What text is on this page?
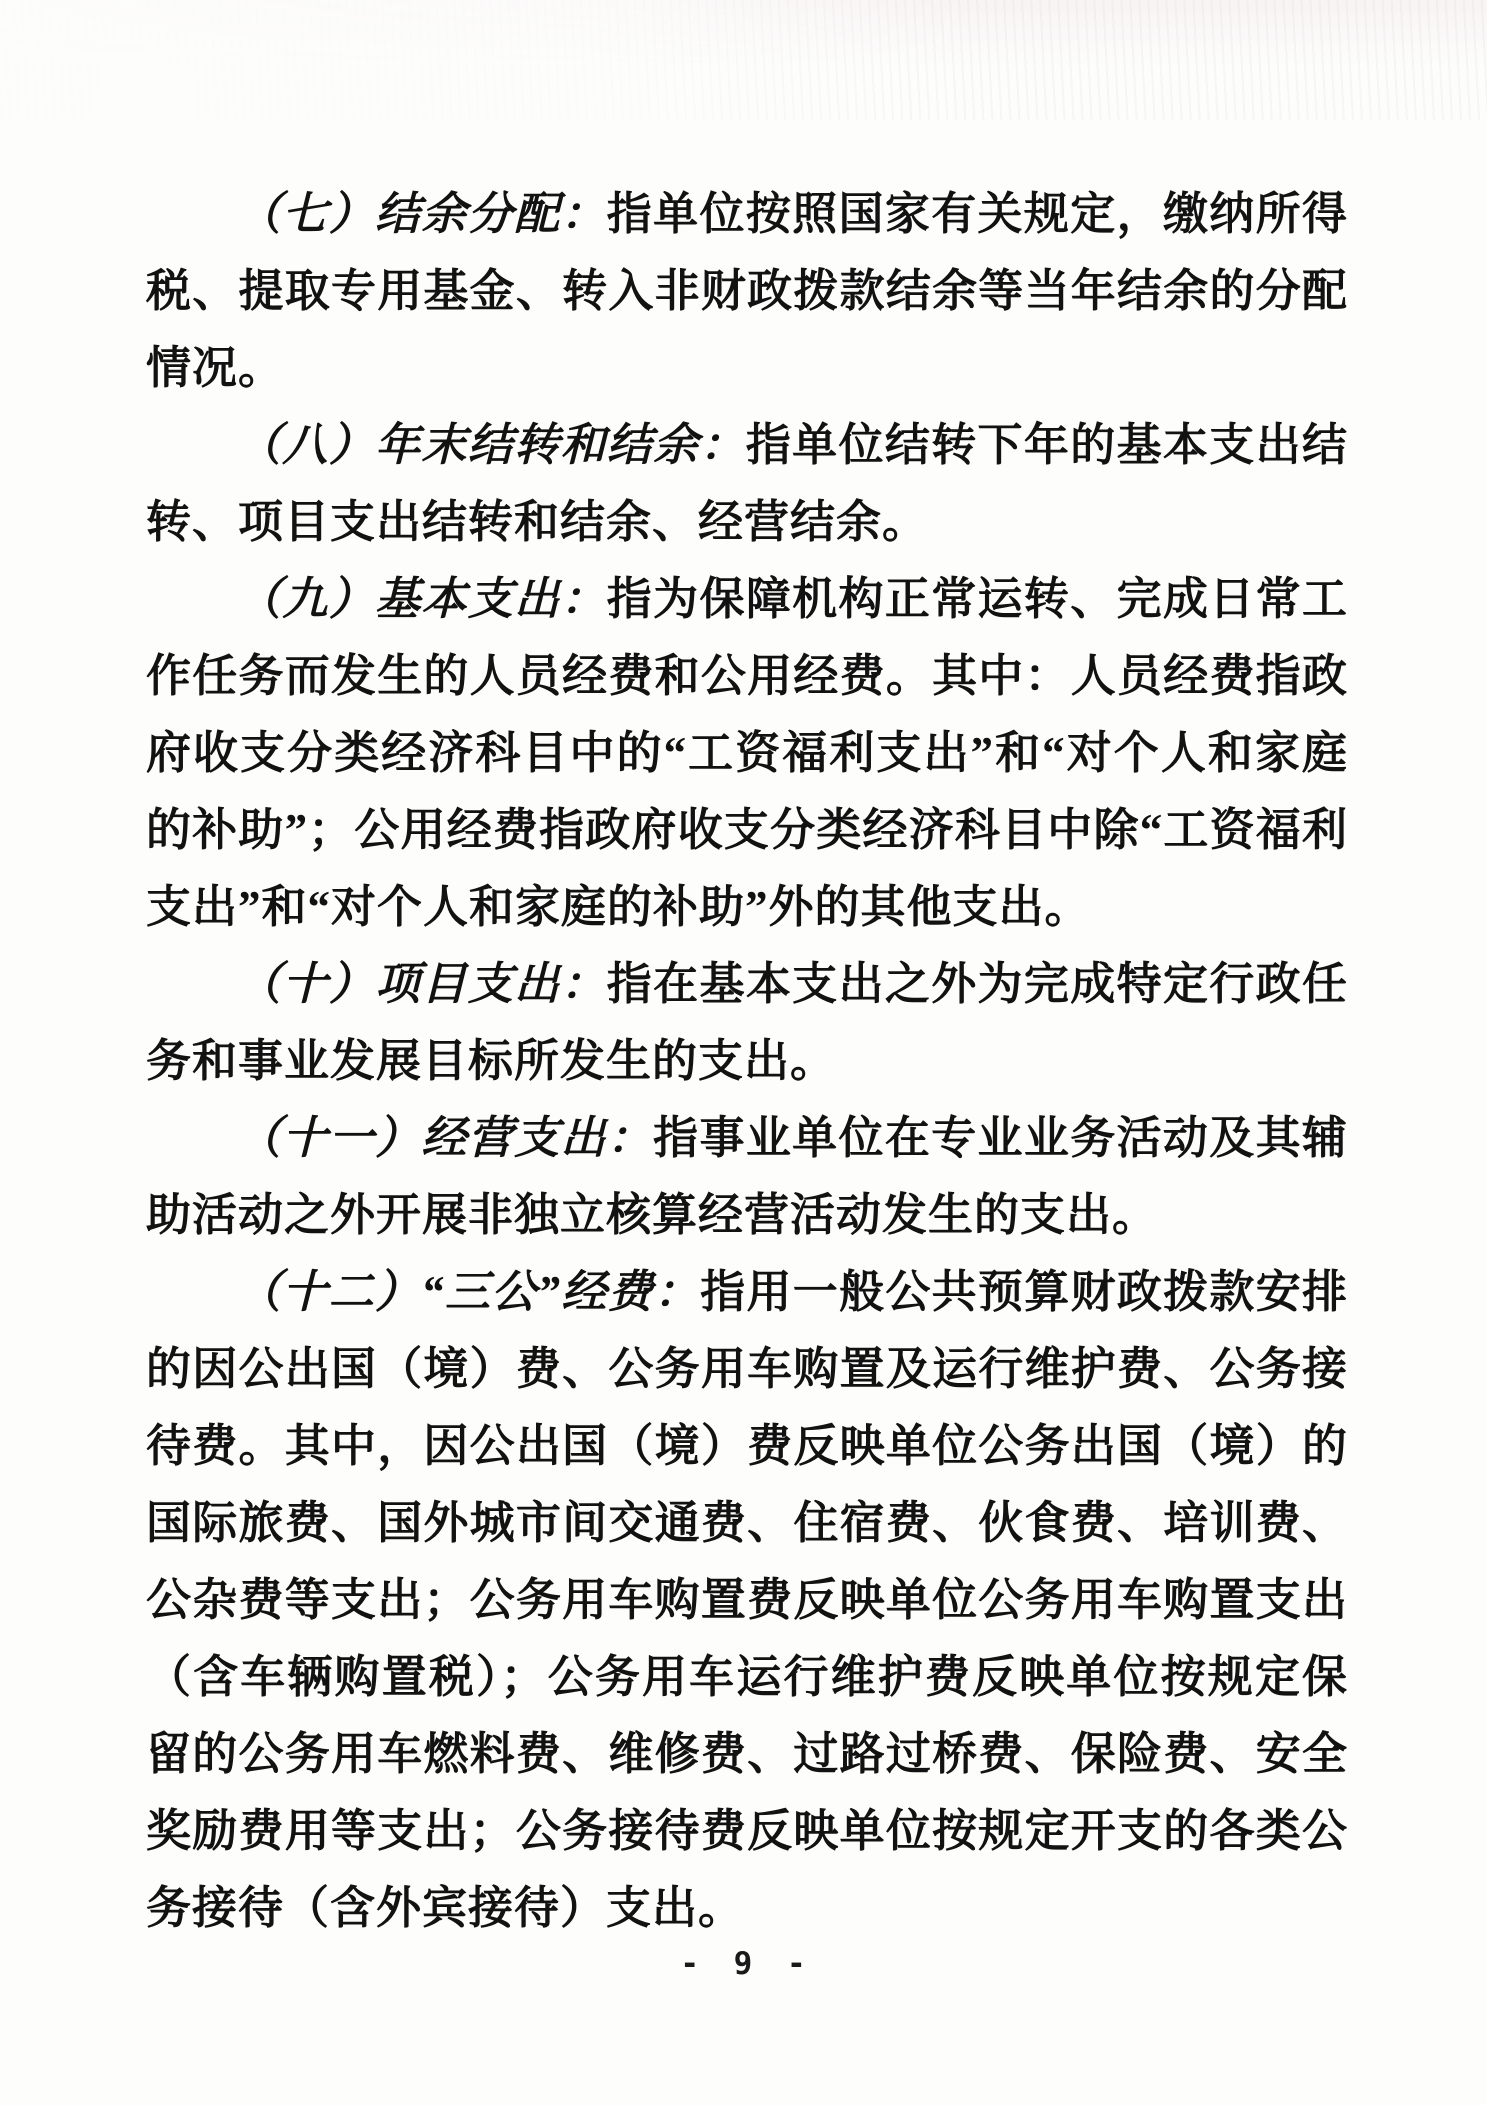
（七）结余分配：指单位按照国家有关规定，缴纳所得税、提取专用基金、转入非财政拨款结余等当年结余的分配情况。

（八）年末结转和结余：指单位结转下年的基本支出结转、项目支出结转和结余、经营结余。

（九）基本支出：指为保障机构正常运转、完成日常工作任务而发生的人员经费和公用经费。其中：人员经费指政府收支分类经济科目中的“工资福利支出”和“对个人和家庭的补助”；公用经费指政府收支分类经济科目中除“工资福利支出”和“对个人和家庭的补助”外的其他支出。

（十）项目支出：指在基本支出之外为完成特定行政任务和事业发展目标所发生的支出。

（十一）经营支出：指事业单位在专业业务活动及其辅助活动之外开展非独立核算经营活动发生的支出。

（十二）“三公”经费：指用一般公共预算财政拨款安排的因公出国（境）费、公务用车购置及运行维护费、公务接待费。其中，因公出国（境）费反映单位公务出国（境）的国际旅费、国外城市间交通费、住宿费、伙食费、培训费、公杂费等支出；公务用车购置费反映单位公务用车购置支出（含车辆购置税）；公务用车运行维护费反映单位按规定保留的公务用车燃料费、维修费、过路过桥费、保险费、安全奖励费用等支出；公务接待费反映单位按规定开支的各类公务接待（含外宾接待）支出。

- 9 -
